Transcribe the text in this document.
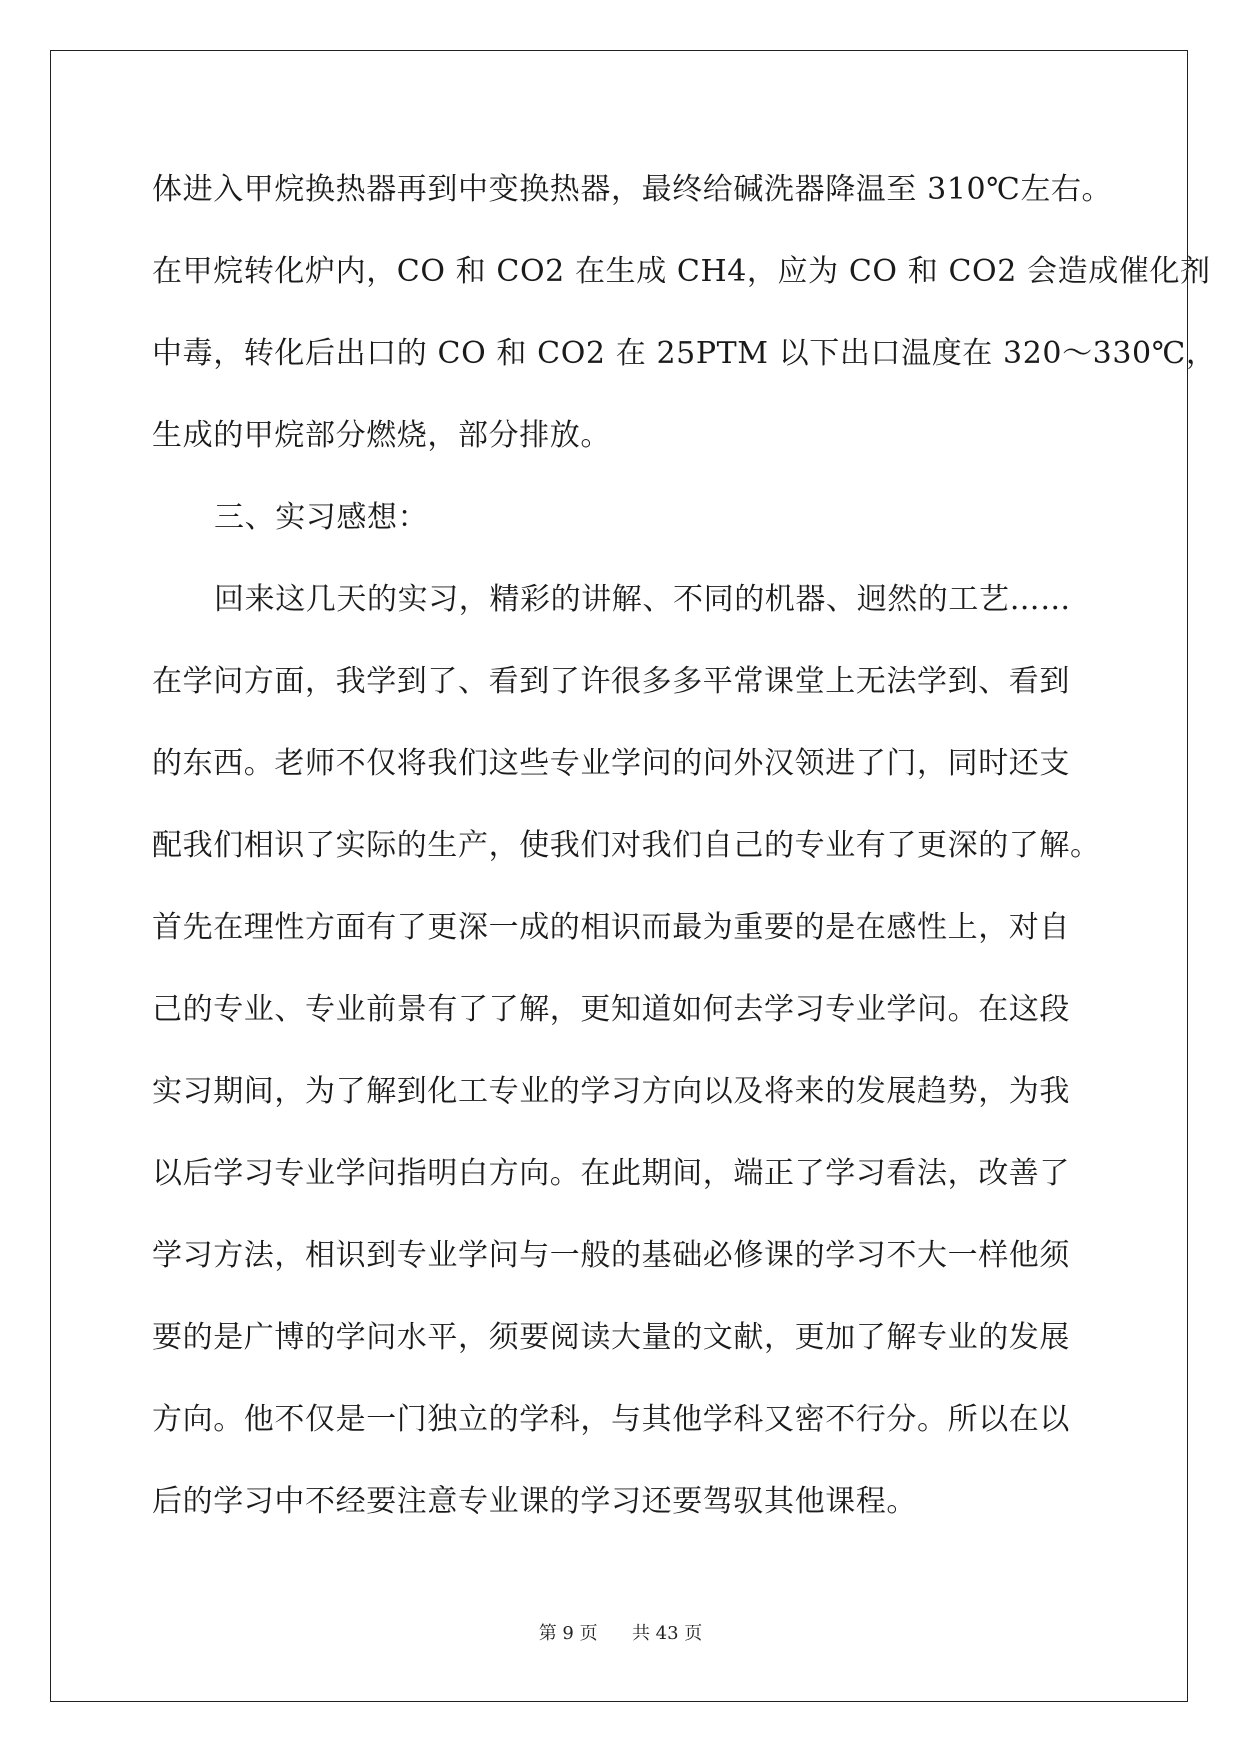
体进入甲烷换热器再到中变换热器，最终给碱洗器降温至 310℃左右。
在甲烷转化炉内，CO 和 CO2 在生成 CH4，应为 CO 和 CO2 会造成催化剂
中毒，转化后出口的 CO 和 CO2 在 25PTM 以下出口温度在 320～330℃，
生成的甲烷部分燃烧，部分排放。
三、实习感想：
回来这几天的实习，精彩的讲解、不同的机器、迥然的工艺……
在学问方面，我学到了、看到了许很多多平常课堂上无法学到、看到
的东西。老师不仅将我们这些专业学问的问外汉领进了门，同时还支
配我们相识了实际的生产，使我们对我们自己的专业有了更深的了解。
首先在理性方面有了更深一成的相识而最为重要的是在感性上，对自
己的专业、专业前景有了了解，更知道如何去学习专业学问。在这段
实习期间，为了解到化工专业的学习方向以及将来的发展趋势，为我
以后学习专业学问指明白方向。在此期间，端正了学习看法，改善了
学习方法，相识到专业学问与一般的基础必修课的学习不大一样他须
要的是广博的学问水平，须要阅读大量的文献，更加了解专业的发展
方向。他不仅是一门独立的学科，与其他学科又密不行分。所以在以
后的学习中不经要注意专业课的学习还要驾驭其他课程。
第 9 页 共 43 页
